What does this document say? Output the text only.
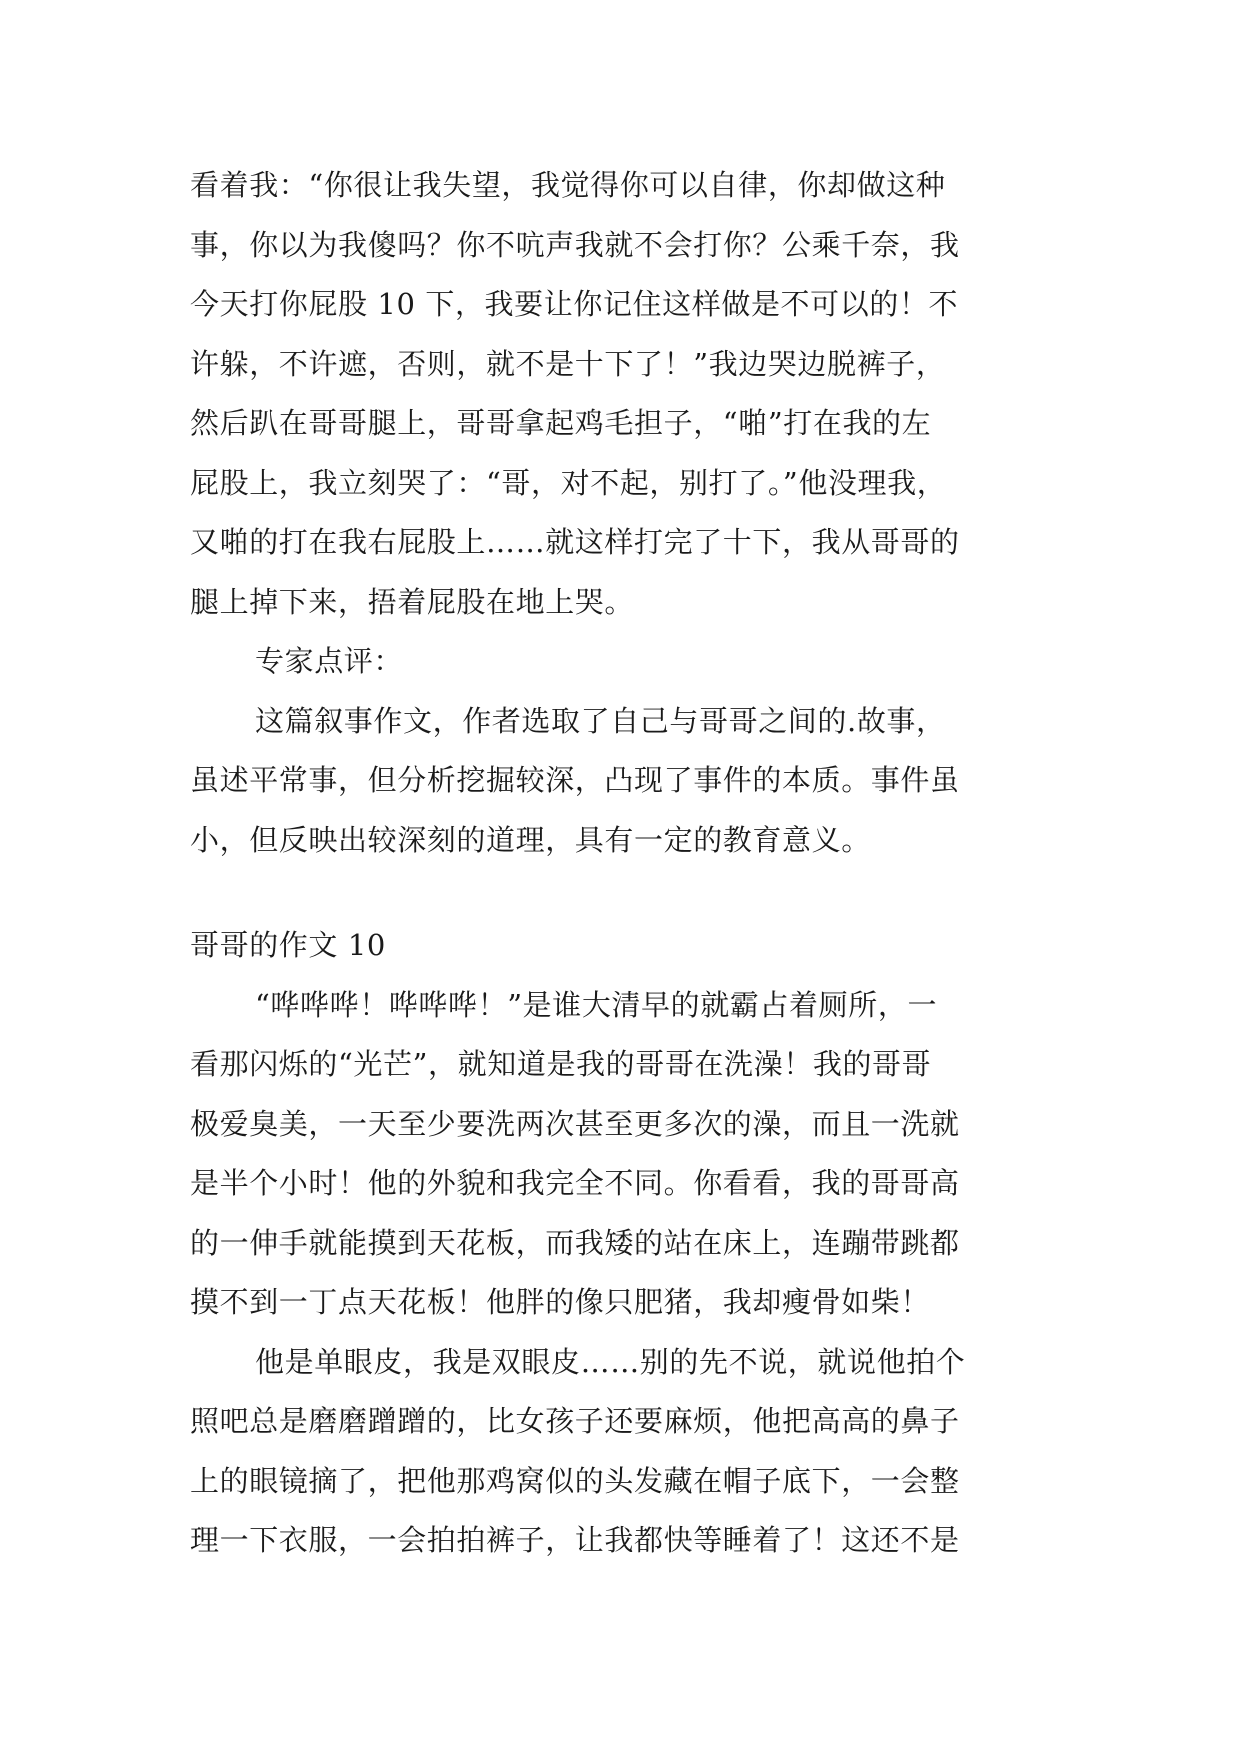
看着我：“你很让我失望，我觉得你可以自律，你却做这种
事，你以为我傻吗？你不吭声我就不会打你？公乘千奈，我
今天打你屁股 10 下，我要让你记住这样做是不可以的！不
许躲，不许遮，否则，就不是十下了！”我边哭边脱裤子，
然后趴在哥哥腿上，哥哥拿起鸡毛担子，“啪”打在我的左
屁股上，我立刻哭了：“哥，对不起，别打了。”他没理我，
又啪的打在我右屁股上……就这样打完了十下，我从哥哥的
腿上掉下来，捂着屁股在地上哭。
专家点评：
这篇叙事作文，作者选取了自己与哥哥之间的.故事，
虽述平常事，但分析挖掘较深，凸现了事件的本质。事件虽
小，但反映出较深刻的道理，具有一定的教育意义。
哥哥的作文 10
“哗哗哗！哗哗哗！”是谁大清早的就霸占着厕所，一
看那闪烁的“光芒”，就知道是我的哥哥在洗澡！我的哥哥
极爱臭美，一天至少要洗两次甚至更多次的澡，而且一洗就
是半个小时！他的外貌和我完全不同。你看看，我的哥哥高
的一伸手就能摸到天花板，而我矮的站在床上，连蹦带跳都
摸不到一丁点天花板！他胖的像只肥猪，我却瘦骨如柴！
他是单眼皮，我是双眼皮……别的先不说，就说他拍个
照吧总是磨磨蹭蹭的，比女孩子还要麻烦，他把高高的鼻子
上的眼镜摘了，把他那鸡窝似的头发藏在帽子底下，一会整
理一下衣服，一会拍拍裤子，让我都快等睡着了！这还不是
